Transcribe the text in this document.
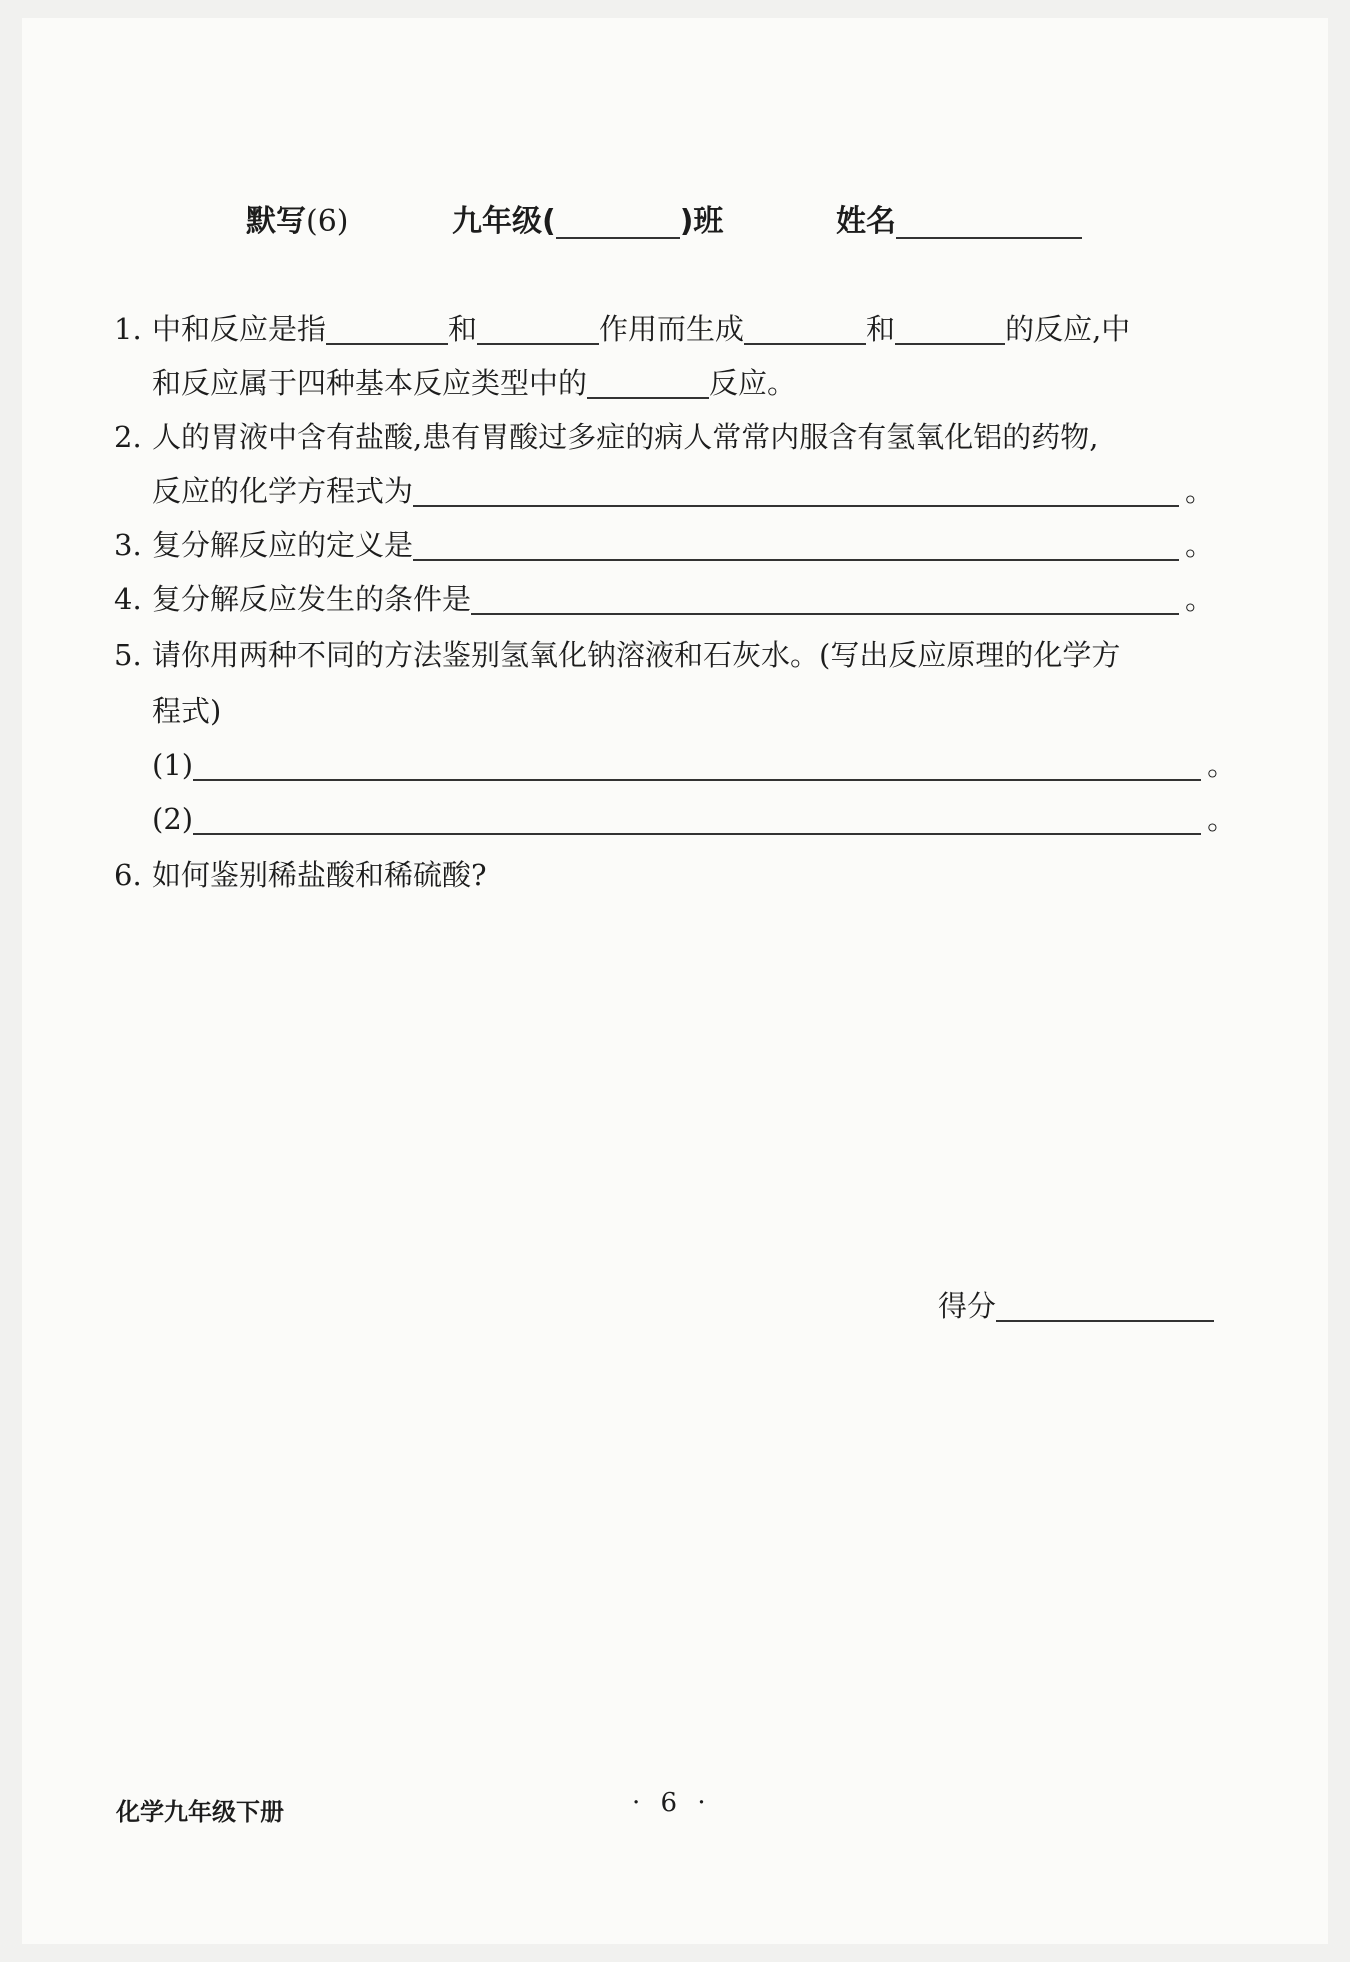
默写(6)	九年级(	)班	姓名
1. 中和反应是指	和	作用而生成	和	的反应,中
和反应属于四种基本反应类型中的	反应。
2. 人的胃液中含有盐酸,患有胃酸过多症的病人常常内服含有氢氧化铝的药物,
反应的化学方程式为	。
3. 复分解反应的定义是	。
4. 复分解反应发生的条件是	。
5. 请你用两种不同的方法鉴别氢氧化钠溶液和石灰水。(写出反应原理的化学方
程式)
(1)	。
(2)	。
6. 如何鉴别稀盐酸和稀硫酸?
得分
化学九年级下册	· 6 ·
